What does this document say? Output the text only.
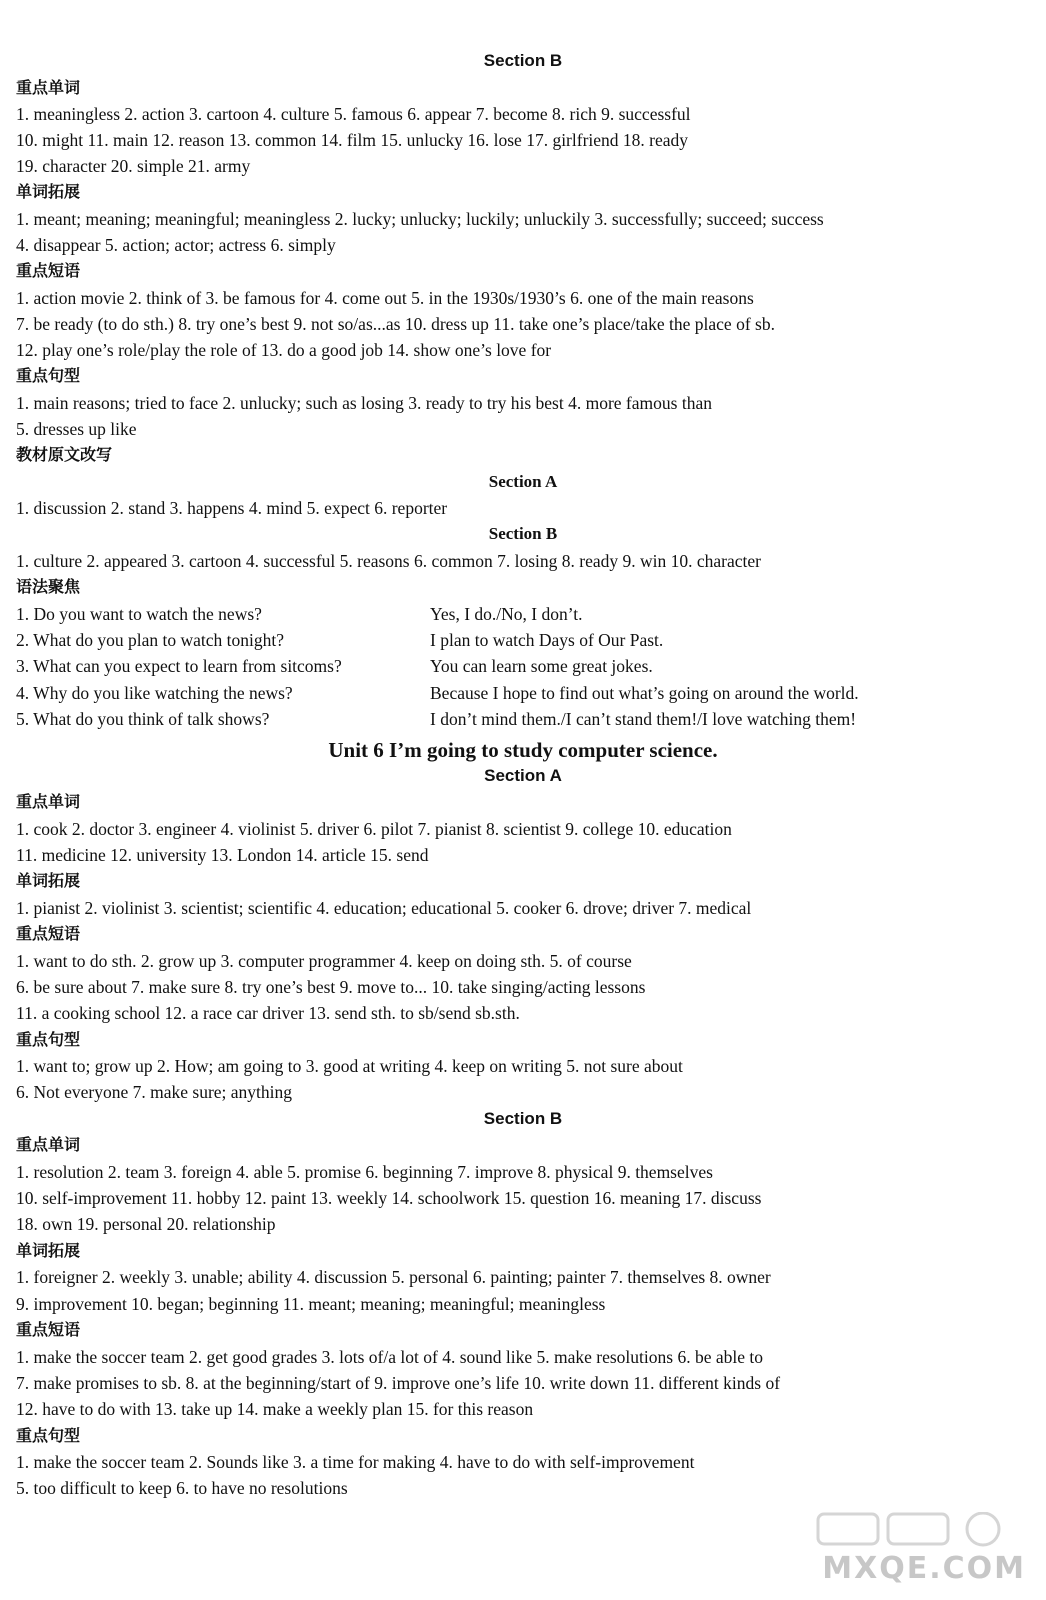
Section B
重点单词
1. meaningless 2. action 3. cartoon 4. culture 5. famous 6. appear 7. become 8. rich 9. successful
10. might 11. main 12. reason 13. common 14. film 15. unlucky 16. lose 17. girlfriend 18. ready
19. character 20. simple 21. army
单词拓展
1. meant; meaning; meaningful; meaningless 2. lucky; unlucky; luckily; unluckily 3. successfully; succeed; success
4. disappear 5. action; actor; actress 6. simply
重点短语
1. action movie 2. think of 3. be famous for 4. come out 5. in the 1930s/1930’s 6. one of the main reasons
7. be ready (to do sth.) 8. try one’s best 9. not so/as...as 10. dress up 11. take one’s place/take the place of sb.
12. play one’s role/play the role of 13. do a good job 14. show one’s love for
重点句型
1. main reasons; tried to face 2. unlucky; such as losing 3. ready to try his best 4. more famous than
5. dresses up like
教材原文改写
Section A
1. discussion 2. stand 3. happens 4. mind 5. expect 6. reporter
Section B
1. culture 2. appeared 3. cartoon 4. successful 5. reasons 6. common 7. losing 8. ready 9. win 10. character
语法聚焦
1. Do you want to watch the news?	Yes, I do./No, I don’t.
2. What do you plan to watch tonight?	I plan to watch Days of Our Past.
3. What can you expect to learn from sitcoms?	You can learn some great jokes.
4. Why do you like watching the news?	Because I hope to find out what’s going on around the world.
5. What do you think of talk shows?	I don’t mind them./I can’t stand them!/I love watching them!
Unit 6 I’m going to study computer science.
Section A
重点单词
1. cook 2. doctor 3. engineer 4. violinist 5. driver 6. pilot 7. pianist 8. scientist 9. college 10. education
11. medicine 12. university 13. London 14. article 15. send
单词拓展
1. pianist 2. violinist 3. scientist; scientific 4. education; educational 5. cooker 6. drove; driver 7. medical
重点短语
1. want to do sth. 2. grow up 3. computer programmer 4. keep on doing sth. 5. of course
6. be sure about 7. make sure 8. try one’s best 9. move to... 10. take singing/acting lessons
11. a cooking school 12. a race car driver 13. send sth. to sb/send sb.sth.
重点句型
1. want to; grow up 2. How; am going to 3. good at writing 4. keep on writing 5. not sure about
6. Not everyone 7. make sure; anything
Section B
重点单词
1. resolution 2. team 3. foreign 4. able 5. promise 6. beginning 7. improve 8. physical 9. themselves
10. self-improvement 11. hobby 12. paint 13. weekly 14. schoolwork 15. question 16. meaning 17. discuss
18. own 19. personal 20. relationship
单词拓展
1. foreigner 2. weekly 3. unable; ability 4. discussion 5. personal 6. painting; painter 7. themselves 8. owner
9. improvement 10. began; beginning 11. meant; meaning; meaningful; meaningless
重点短语
1. make the soccer team 2. get good grades 3. lots of/a lot of 4. sound like 5. make resolutions 6. be able to
7. make promises to sb. 8. at the beginning/start of 9. improve one’s life 10. write down 11. different kinds of
12. have to do with 13. take up 14. make a weekly plan 15. for this reason
重点句型
1. make the soccer team 2. Sounds like 3. a time for making 4. have to do with self-improvement
5. too difficult to keep 6. to have no resolutions
MXQE.COM
